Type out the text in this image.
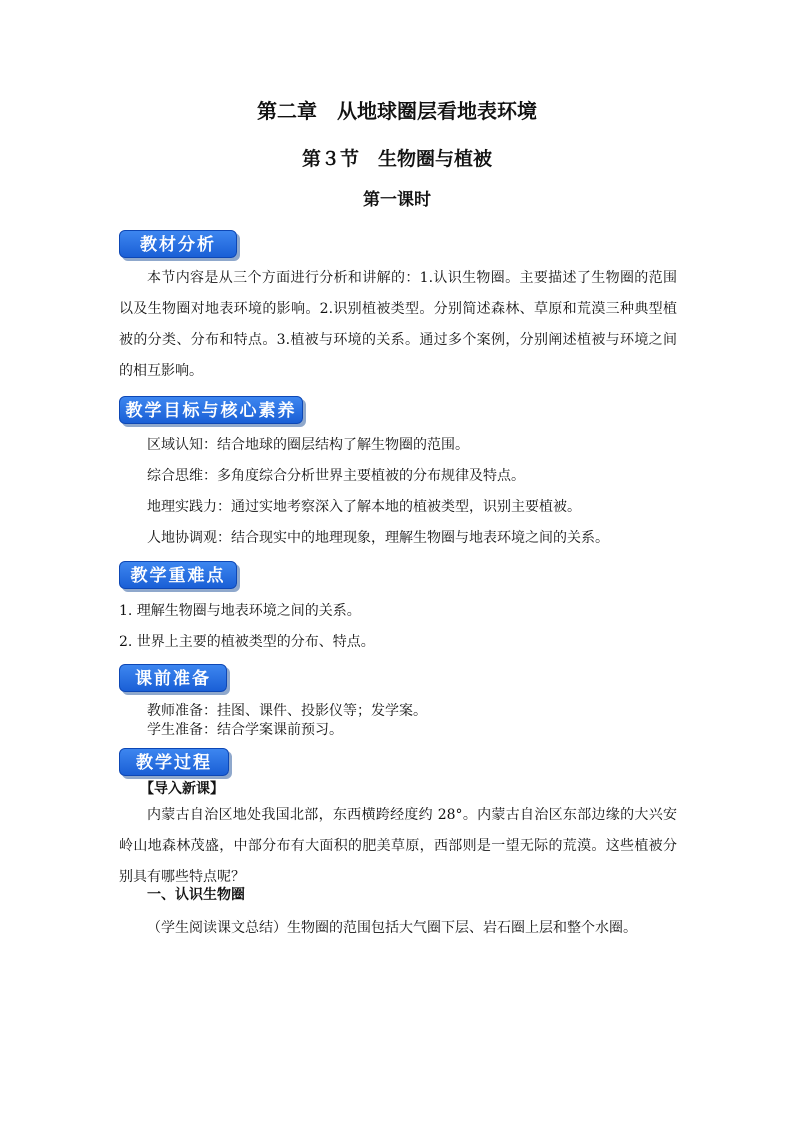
第二章　从地球圈层看地表环境
第３节　生物圈与植被
第一课时
教材分析

本节内容是从三个方面进行分析和讲解的：1.认识生物圈。主要描述了生物圈的范围以及生物圈对地表环境的影响。2.识别植被类型。分别简述森林、草原和荒漠三种典型植被的分类、分布和特点。3.植被与环境的关系。通过多个案例，分别阐述植被与环境之间的相互影响。

教学目标与核心素养

区域认知：结合地球的圈层结构了解生物圈的范围。

综合思维：多角度综合分析世界主要植被的分布规律及特点。

地理实践力：通过实地考察深入了解本地的植被类型，识别主要植被。

人地协调观：结合现实中的地理现象，理解生物圈与地表环境之间的关系。

教学重难点

1. 理解生物圈与地表环境之间的关系。

2. 世界上主要的植被类型的分布、特点。

课前准备

教师准备：挂图、课件、投影仪等；发学案。

学生准备：结合学案课前预习。

教学过程

【导入新课】

内蒙古自治区地处我国北部，东西横跨经度约 28°。内蒙古自治区东部边缘的大兴安岭山地森林茂盛，中部分布有大面积的肥美草原，西部则是一望无际的荒漠。这些植被分别具有哪些特点呢？

一、认识生物圈

（学生阅读课文总结）生物圈的范围包括大气圈下层、岩石圈上层和整个水圈。
